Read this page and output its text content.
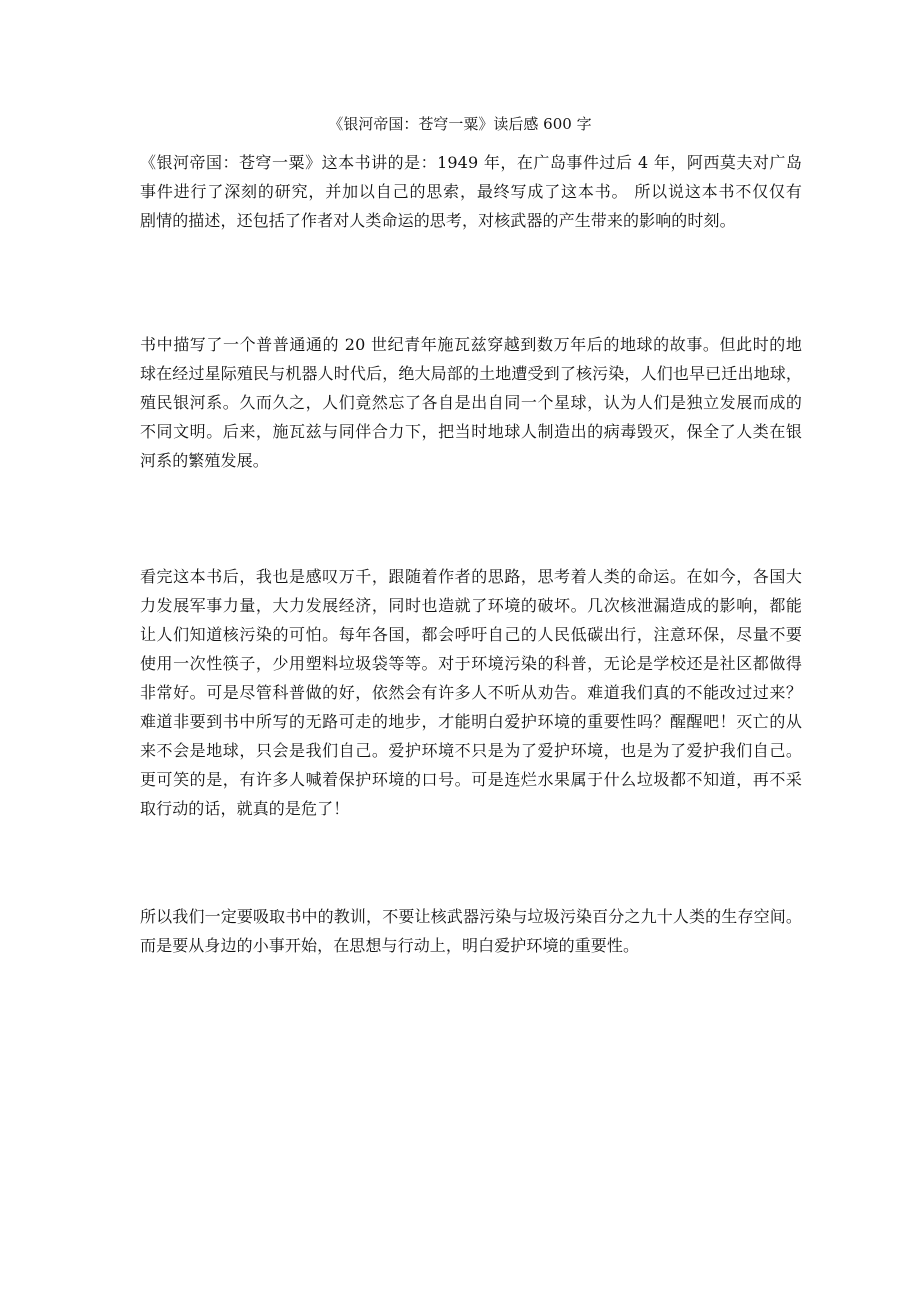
《银河帝国：苍穹一粟》读后感 600 字
《银河帝国：苍穹一粟》这本书讲的是：1949 年，在广岛事件过后 4 年，阿西莫夫对广岛
事件进行了深刻的研究，并加以自己的思索，最终写成了这本书。 所以说这本书不仅仅有
剧情的描述，还包括了作者对人类命运的思考，对核武器的产生带来的影响的时刻。
书中描写了一个普普通通的 20 世纪青年施瓦兹穿越到数万年后的地球的故事。但此时的地
球在经过星际殖民与机器人时代后，绝大局部的土地遭受到了核污染，人们也早已迁出地球，
殖民银河系。久而久之，人们竟然忘了各自是出自同一个星球，认为人们是独立发展而成的
不同文明。后来，施瓦兹与同伴合力下，把当时地球人制造出的病毒毁灭，保全了人类在银
河系的繁殖发展。
看完这本书后，我也是感叹万千，跟随着作者的思路，思考着人类的命运。在如今，各国大
力发展军事力量，大力发展经济，同时也造就了环境的破坏。几次核泄漏造成的影响，都能
让人们知道核污染的可怕。每年各国，都会呼吁自己的人民低碳出行，注意环保，尽量不要
使用一次性筷子，少用塑料垃圾袋等等。对于环境污染的科普，无论是学校还是社区都做得
非常好。可是尽管科普做的好，依然会有许多人不听从劝告。难道我们真的不能改过过来？
难道非要到书中所写的无路可走的地步，才能明白爱护环境的重要性吗？醒醒吧！灭亡的从
来不会是地球，只会是我们自己。爱护环境不只是为了爱护环境，也是为了爱护我们自己。
更可笑的是，有许多人喊着保护环境的口号。可是连烂水果属于什么垃圾都不知道，再不采
取行动的话，就真的是危了！
所以我们一定要吸取书中的教训，不要让核武器污染与垃圾污染百分之九十人类的生存空间。
而是要从身边的小事开始，在思想与行动上，明白爱护环境的重要性。
